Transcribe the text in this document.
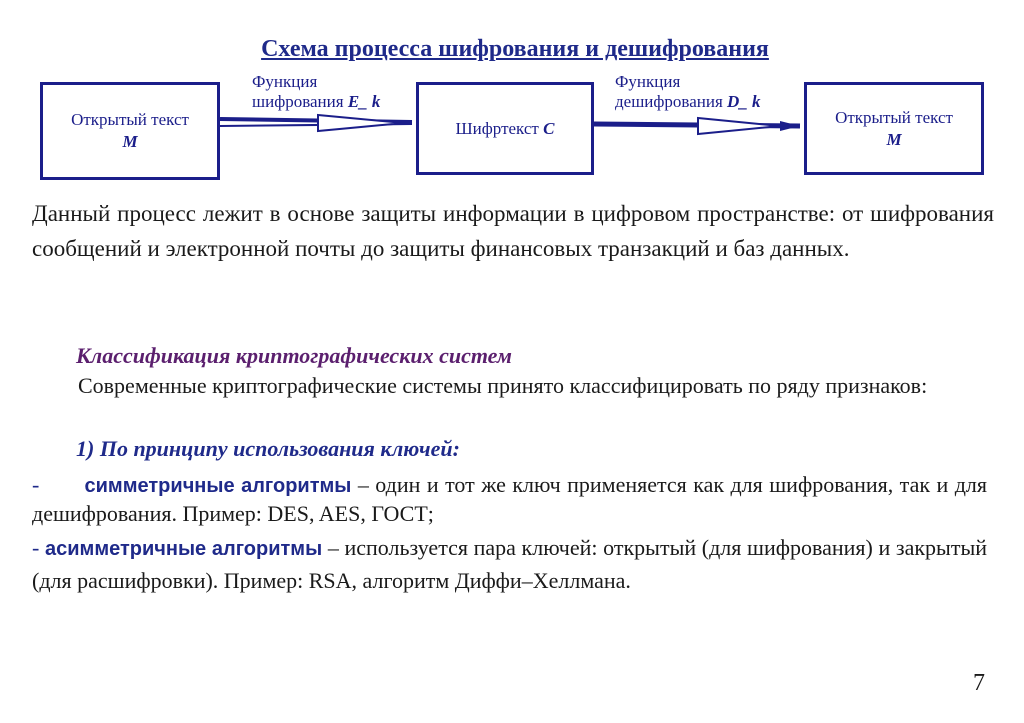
Схема процесса шифрования и дешифрования
Функция
шифрования E_ k
Функция
дешифрования D_ k
Открытый текст
M
Шифртекст
C
Открытый текст
M
Данный процесс лежит в основе защиты информации в цифровом пространстве: от шифрования сообщений и электронной почты до защиты финансовых транзакций и баз данных.
Классификация криптографических систем
Современные криптографические системы принято классифицировать по ряду признаков:
1) По принципу использования ключей:
- симметричные алгоритмы – один и тот же ключ применяется как для шифрования, так и для дешифрования. Пример: DES, AES, ГОСТ;
- асимметричные алгоритмы – используется пара ключей: открытый (для шифрования) и закрытый (для расшифровки). Пример: RSA, алгоритм Диффи–Хеллмана.
7
